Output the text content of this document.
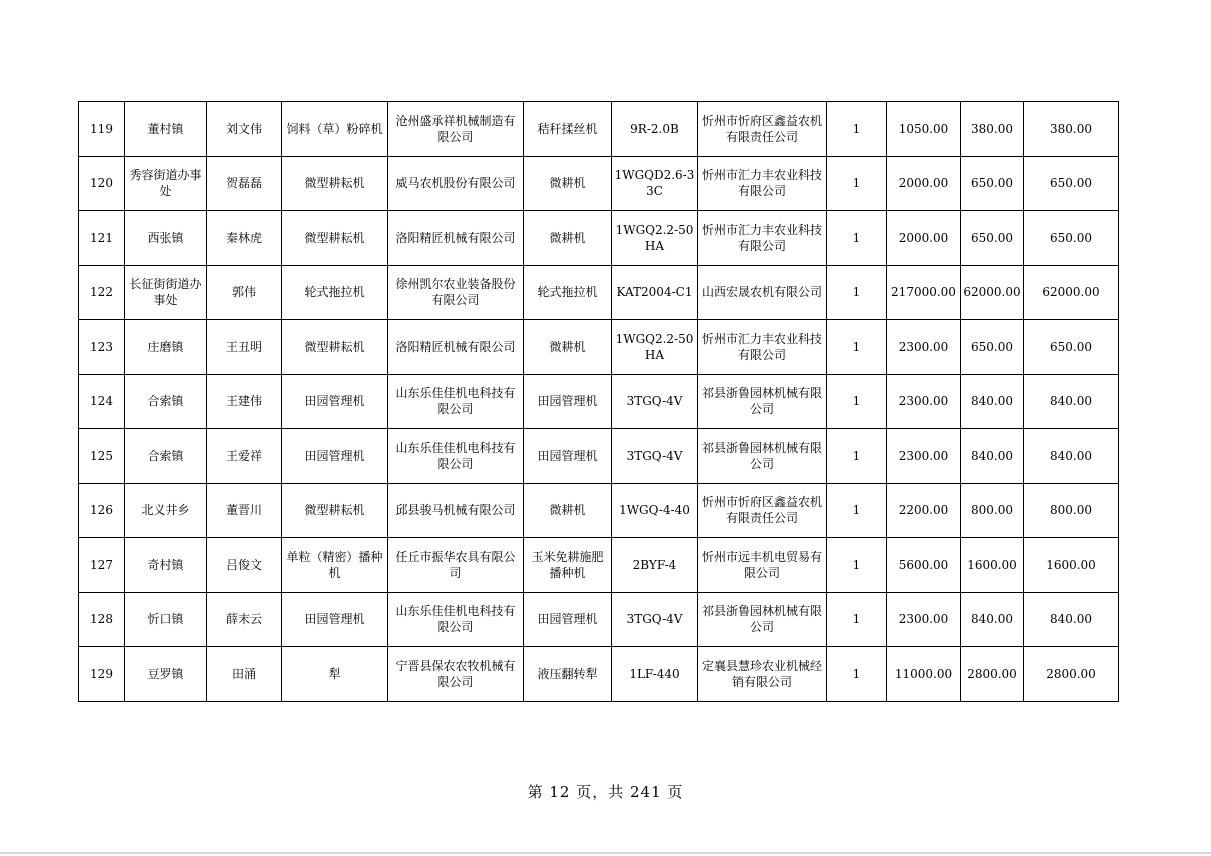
119	董村镇	刘文伟	饲料（草）粉碎机	沧州盛承祥机械制造有限公司	秸秆揉丝机	9R-2.0B	忻州市忻府区鑫益农机有限责任公司	1	1050.00	380.00	380.00
120	秀容街道办事处	贺磊磊	微型耕耘机	威马农机股份有限公司	微耕机	1WGQD2.6-33C	忻州市汇力丰农业科技有限公司	1	2000.00	650.00	650.00
121	西张镇	秦林虎	微型耕耘机	洛阳精匠机械有限公司	微耕机	1WGQ2.2-50HA	忻州市汇力丰农业科技有限公司	1	2000.00	650.00	650.00
122	长征街街道办事处	郭伟	轮式拖拉机	徐州凯尔农业装备股份有限公司	轮式拖拉机	KAT2004-C1	山西宏晟农机有限公司	1	217000.00	62000.00	62000.00
123	庄磨镇	王丑明	微型耕耘机	洛阳精匠机械有限公司	微耕机	1WGQ2.2-50HA	忻州市汇力丰农业科技有限公司	1	2300.00	650.00	650.00
124	合索镇	王建伟	田园管理机	山东乐佳佳机电科技有限公司	田园管理机	3TGQ-4V	祁县浙鲁园林机械有限公司	1	2300.00	840.00	840.00
125	合索镇	王爱祥	田园管理机	山东乐佳佳机电科技有限公司	田园管理机	3TGQ-4V	祁县浙鲁园林机械有限公司	1	2300.00	840.00	840.00
126	北义井乡	董晋川	微型耕耘机	邱县骏马机械有限公司	微耕机	1WGQ-4-40	忻州市忻府区鑫益农机有限责任公司	1	2200.00	800.00	800.00
127	奇村镇	吕俊文	单粒（精密）播种机	任丘市振华农具有限公司	玉米免耕施肥播种机	2BYF-4	忻州市远丰机电贸易有限公司	1	5600.00	1600.00	1600.00
128	忻口镇	薛末云	田园管理机	山东乐佳佳机电科技有限公司	田园管理机	3TGQ-4V	祁县浙鲁园林机械有限公司	1	2300.00	840.00	840.00
129	豆罗镇	田涌	犁	宁晋县保农农牧机械有限公司	液压翻转犁	1LF-440	定襄县慧珍农业机械经销有限公司	1	11000.00	2800.00	2800.00
第 12 页，共 241 页
